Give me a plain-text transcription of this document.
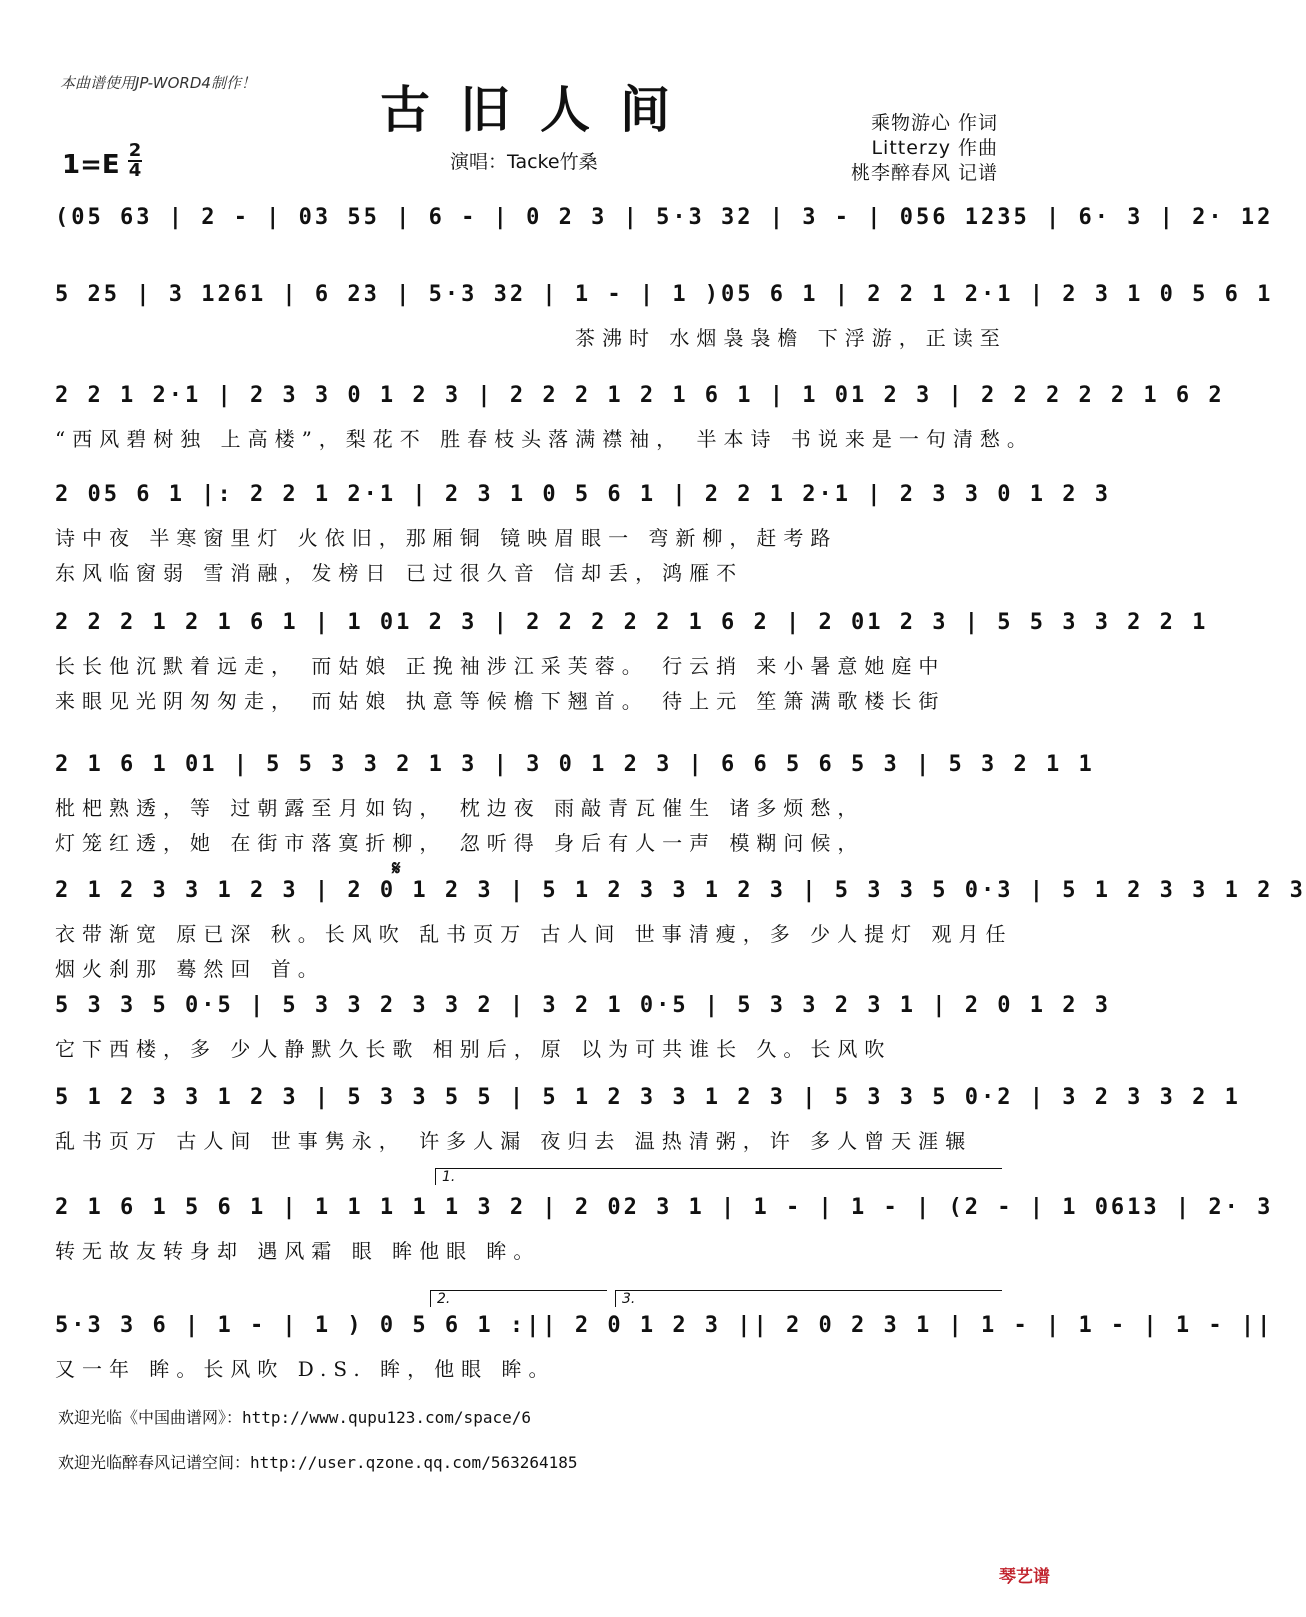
本曲谱使用JP-WORD4制作！ 古旧人间
1=E 2
4	演唱：Tacke竹桑
乘物游心 作词
Litterzy 作曲
桃李醉春风 记谱
(05 63 | 2 - | 03 55 | 6 - | 0 2 3 | 5·3 32 | 3 - | 056 1235 | 6· 3 | 2· 12
5 25 | 3 1261 | 6 23 | 5·3 32 | 1 - | 1 )05 6 1 | 2 2 1 2·1 | 2 3 1 0 5 6 1
茶沸时 水烟袅袅檐 下浮游，正读至
2 2 1 2·1 | 2 3 3 0 1 2 3 | 2 2 2 1 2 1 6 1 | 1 01 2 3 | 2 2 2 2 2 1 6 2
“西风碧树独 上高楼”，梨花不 胜春枝头落满襟袖， 半本诗 书说来是一句清愁。
2 05 6 1 |: 2 2 1 2·1 | 2 3 1 0 5 6 1 | 2 2 1 2·1 | 2 3 3 0 1 2 3
诗中夜 半寒窗里灯 火依旧，那厢铜 镜映眉眼一 弯新柳，赶考路
东风临窗弱 雪消融，发榜日 已过很久音 信却丢，鸿雁不
2 2 2 1 2 1 6 1 | 1 01 2 3 | 2 2 2 2 2 1 6 2 | 2 01 2 3 | 5 5 3 3 2 2 1
长长他沉默着远走， 而姑娘 正挽袖涉江采芙蓉。 行云捎 来小暑意她庭中
来眼见光阴匆匆走， 而姑娘 执意等候檐下翘首。 待上元 笙箫满歌楼长街
2 1 6 1 01 | 5 5 3 3 2 1 3 | 3 0 1 2 3 | 6 6 5 6 5 3 | 5 3 2 1 1
枇杷熟透，等 过朝露至月如钩， 枕边夜 雨敲青瓦催生 诸多烦愁，
灯笼红透，她 在街市落寞折柳， 忽听得 身后有人一声 模糊问候，
2 1 2 3 3 1 2 3 | 2 0 1 2 3 | 5 1 2 3 3 1 2 3 | 5 3 3 5 0·3 | 5 1 2 3 3 1 2 3
衣带渐宽 原已深 秋。长风吹 乱书页万 古人间 世事清瘦，多 少人提灯 观月任
烟火刹那 蓦然回 首。
5 3 3 5 0·5 | 5 3 3 2 3 3 2 | 3 2 1 0·5 | 5 3 3 2 3 1 | 2 0 1 2 3
它下西楼，多 少人静默久长歌 相别后，原 以为可共谁长 久。长风吹
5 1 2 3 3 1 2 3 | 5 3 3 5 5 | 5 1 2 3 3 1 2 3 | 5 3 3 5 0·2 | 3 2 3 3 2 1
乱书页万 古人间 世事隽永， 许多人漏 夜归去 温热清粥，许 多人曾天涯辗
2 1 6 1 5 6 1 | 1 1 1 1 1 3 2 | 2 02 3 1 | 1 - | 1 - | (2 - | 1 0613 | 2· 3
转无故友转身却 遇风霜 眼 眸他眼 眸。
5·3 3 6 | 1 - | 1 ) 0 5 6 1 :|| 2 0 1 2 3 || 2 0 2 3 1 | 1 - | 1 - | 1 - ||
又一年 眸。长风吹 D.S. 眸，他眼 眸。
1.
2.	3.
𝄋
欢迎光临《中国曲谱网》：http://www.qupu123.com/space/6
欢迎光临醉春风记谱空间：http://user.qzone.qq.com/563264185
琴艺谱
